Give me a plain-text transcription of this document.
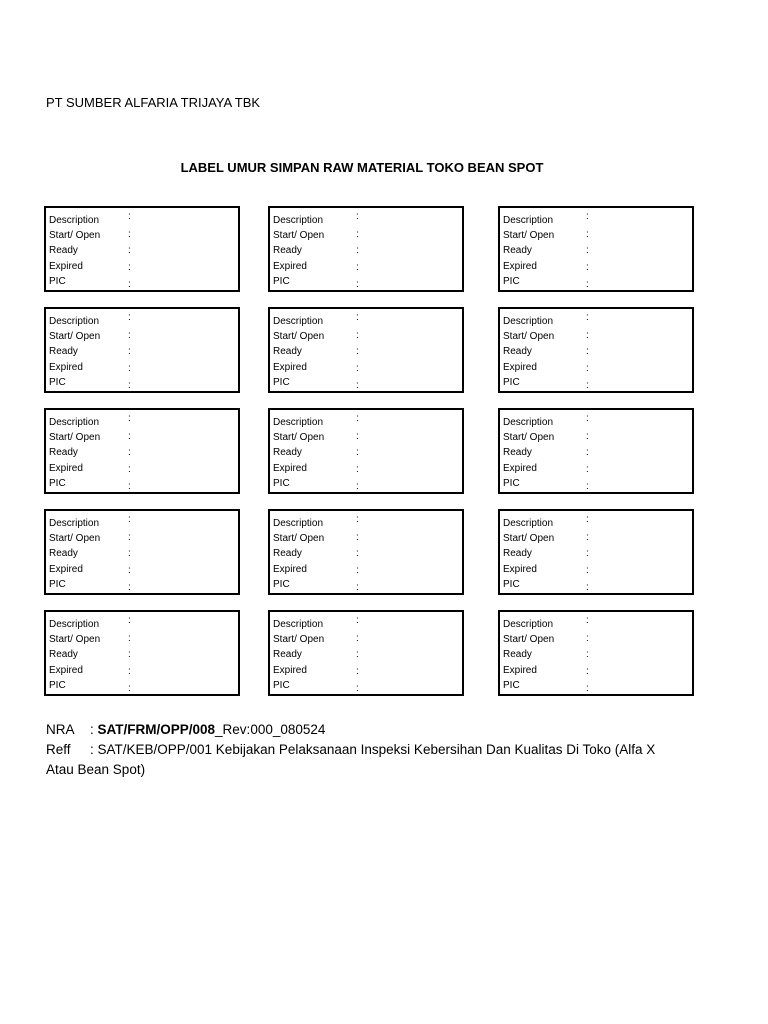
PT SUMBER ALFARIA TRIJAYA TBK
LABEL UMUR SIMPAN RAW MATERIAL TOKO BEAN SPOT
Description	:
Start/ Open	:
Ready	:
Expired	:
PIC	:
Description	:
Start/ Open	:
Ready	:
Expired	:
PIC	:
Description	:
Start/ Open	:
Ready	:
Expired	:
PIC	:
Description	:
Start/ Open	:
Ready	:
Expired	:
PIC	:
Description	:
Start/ Open	:
Ready	:
Expired	:
PIC	:
Description	:
Start/ Open	:
Ready	:
Expired	:
PIC	:
Description	:
Start/ Open	:
Ready	:
Expired	:
PIC	:
Description	:
Start/ Open	:
Ready	:
Expired	:
PIC	:
Description	:
Start/ Open	:
Ready	:
Expired	:
PIC	:
Description	:
Start/ Open	:
Ready	:
Expired	:
PIC	:
Description	:
Start/ Open	:
Ready	:
Expired	:
PIC	:
Description	:
Start/ Open	:
Ready	:
Expired	:
PIC	:
Description	:
Start/ Open	:
Ready	:
Expired	:
PIC	:
Description	:
Start/ Open	:
Ready	:
Expired	:
PIC	:
Description	:
Start/ Open	:
Ready	:
Expired	:
PIC	:
NRA : SAT/FRM/OPP/008_Rev:000_080524
Reff : SAT/KEB/OPP/001 Kebijakan Pelaksanaan Inspeksi Kebersihan Dan Kualitas Di Toko (Alfa X
Atau Bean Spot)
